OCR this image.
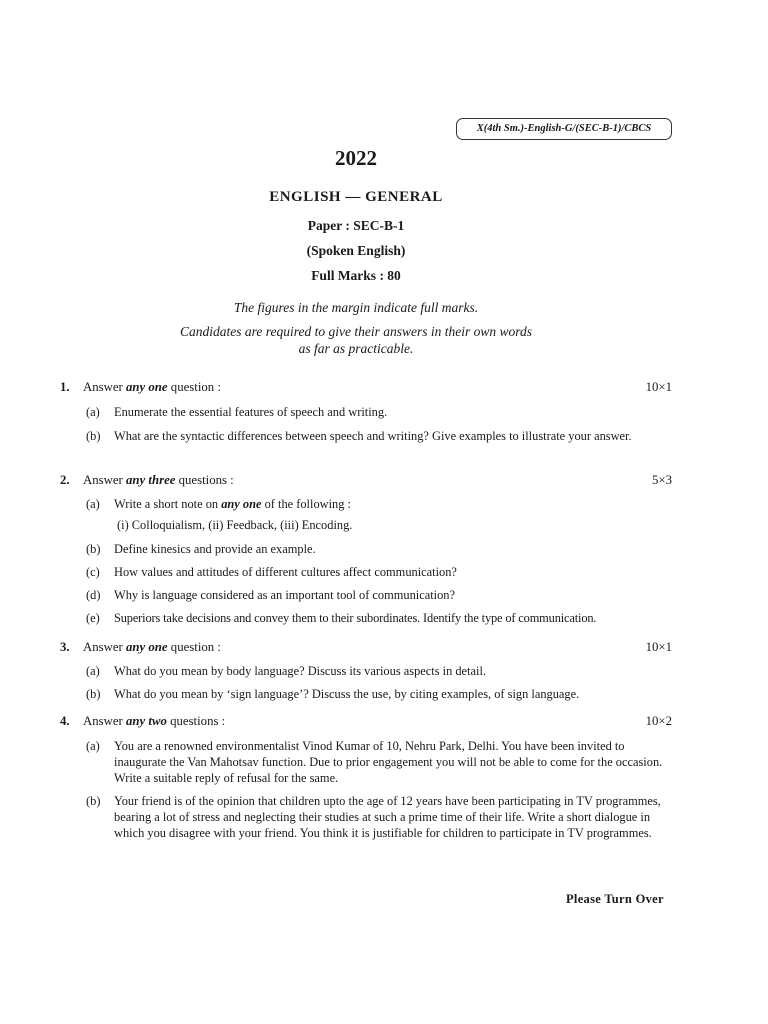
X(4th Sm.)-English-G/(SEC-B-1)/CBCS
2022
ENGLISH — GENERAL
Paper : SEC-B-1
(Spoken English)
Full Marks : 80
The figures in the margin indicate full marks.
Candidates are required to give their answers in their own words
as far as practicable.
1. Answer any one question :	10×1
(a) Enumerate the essential features of speech and writing.
(b) What are the syntactic differences between speech and writing? Give examples to illustrate your answer.
2. Answer any three questions :	5×3
(a) Write a short note on any one of the following :
(i) Colloquialism, (ii) Feedback, (iii) Encoding.
(b) Define kinesics and provide an example.
(c) How values and attitudes of different cultures affect communication?
(d) Why is language considered as an important tool of communication?
(e) Superiors take decisions and convey them to their subordinates. Identify the type of communication.
3. Answer any one question :	10×1
(a) What do you mean by body language? Discuss its various aspects in detail.
(b) What do you mean by ‘sign language’? Discuss the use, by citing examples, of sign language.
4. Answer any two questions :	10×2
(a) You are a renowned environmentalist Vinod Kumar of 10, Nehru Park, Delhi. You have been invited to inaugurate the Van Mahotsav function. Due to prior engagement you will not be able to come for the occasion. Write a suitable reply of refusal for the same.
(b) Your friend is of the opinion that children upto the age of 12 years have been participating in TV programmes, bearing a lot of stress and neglecting their studies at such a prime time of their life. Write a short dialogue in which you disagree with your friend. You think it is justifiable for children to participate in TV programmes.
Please Turn Over
